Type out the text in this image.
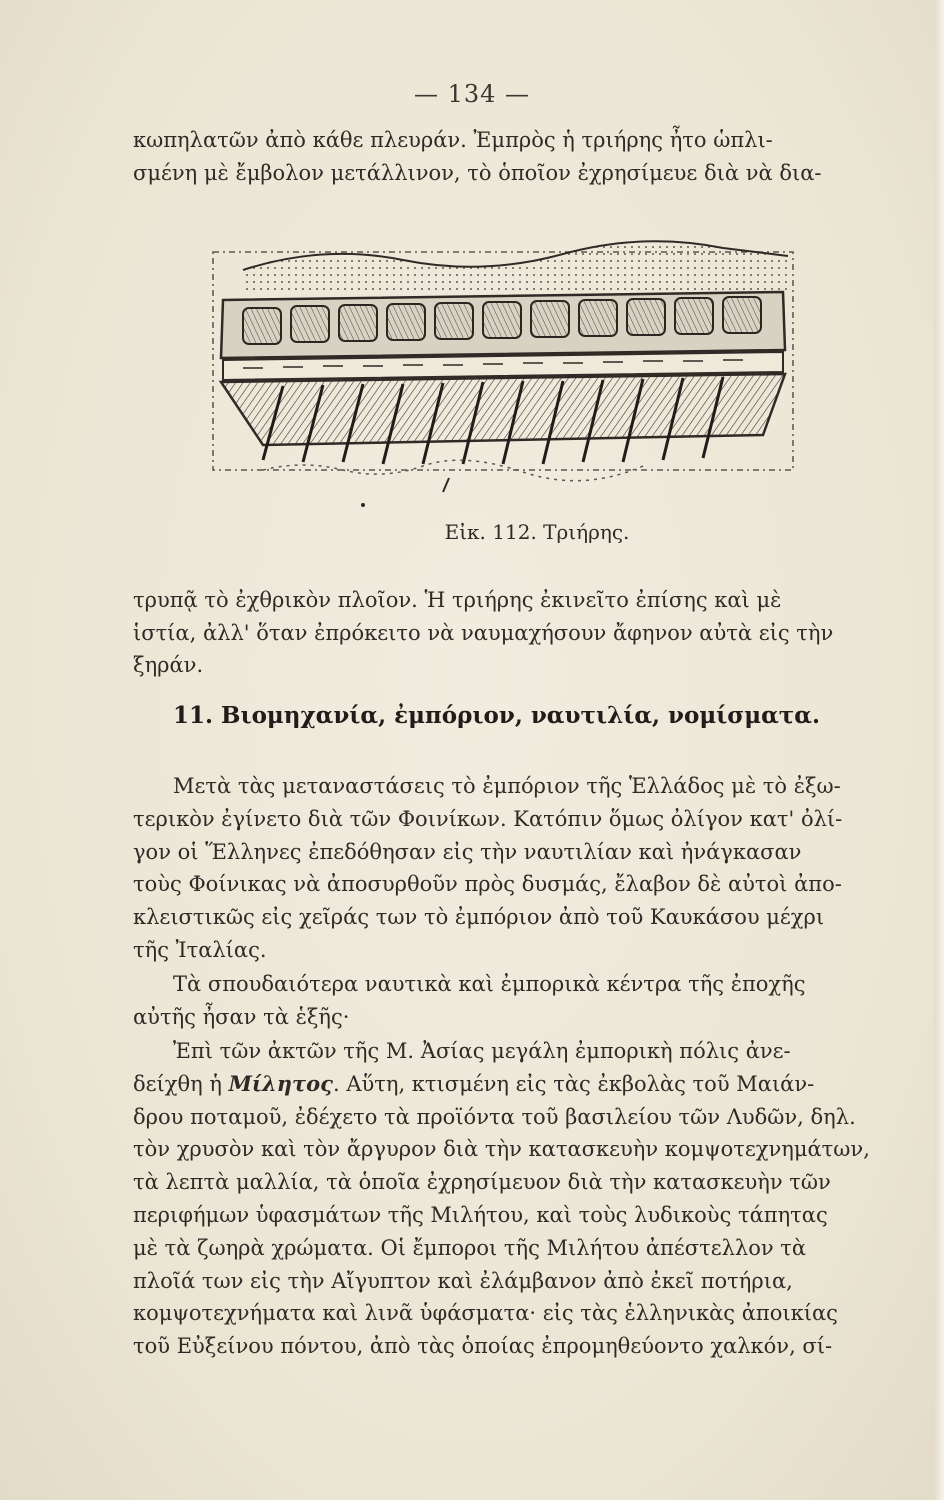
— 134 —
κωπηλατῶν ἀπὸ κάθε πλευράν. Ἐμπρὸς ἡ τριήρης ἦτο ὡπλι-
σμένη μὲ ἔμβολον μετάλλινον, τὸ ὁποῖον ἐχρησίμευε διὰ νὰ δια-
Εἰκ. 112. Τριήρης.
τρυπᾷ τὸ ἐχθρικὸν πλοῖον. Ἡ τριήρης ἐκινεῖτο ἐπίσης καὶ μὲ
ἱστία, ἀλλ' ὅταν ἐπρόκειτο νὰ ναυμαχήσουν ἄφηνον αὐτὰ εἰς τὴν
ξηράν.
11. Βιομηχανία, ἐμπόριον, ναυτιλία, νομίσματα.
Μετὰ τὰς μεταναστάσεις τὸ ἐμπόριον τῆς Ἑλλάδος μὲ τὸ ἐξω-
τερικὸν ἐγίνετο διὰ τῶν Φοινίκων. Κατόπιν ὅμως ὀλίγον κατ' ὀλί-
γον οἱ Ἕλληνες ἐπεδόθησαν εἰς τὴν ναυτιλίαν καὶ ἠνάγκασαν
τοὺς Φοίνικας νὰ ἀποσυρθοῦν πρὸς δυσμάς, ἔλαβον δὲ αὐτοὶ ἀπο-
κλειστικῶς εἰς χεῖράς των τὸ ἐμπόριον ἀπὸ τοῦ Καυκάσου μέχρι
τῆς Ἰταλίας.
Τὰ σπουδαιότερα ναυτικὰ καὶ ἐμπορικὰ κέντρα τῆς ἐποχῆς
αὐτῆς ἦσαν τὰ ἑξῆς·
Ἐπὶ τῶν ἀκτῶν τῆς Μ. Ἀσίας μεγάλη ἐμπορικὴ πόλις ἀνε-
δείχθη ἡ Μίλητος. Αὕτη, κτισμένη εἰς τὰς ἐκβολὰς τοῦ Μαιάν-
δρου ποταμοῦ, ἐδέχετο τὰ προϊόντα τοῦ βασιλείου τῶν Λυδῶν, δηλ.
τὸν χρυσὸν καὶ τὸν ἄργυρον διὰ τὴν κατασκευὴν κομψοτεχνημάτων,
τὰ λεπτὰ μαλλία, τὰ ὁποῖα ἐχρησίμευον διὰ τὴν κατασκευὴν τῶν
περιφήμων ὑφασμάτων τῆς Μιλήτου, καὶ τοὺς λυδικοὺς τάπητας
μὲ τὰ ζωηρὰ χρώματα. Οἱ ἔμποροι τῆς Μιλήτου ἀπέστελλον τὰ
πλοῖά των εἰς τὴν Αἴγυπτον καὶ ἐλάμβανον ἀπὸ ἐκεῖ ποτήρια,
κομψοτεχνήματα καὶ λινᾶ ὑφάσματα· εἰς τὰς ἑλληνικὰς ἀποικίας
τοῦ Εὐξείνου πόντου, ἀπὸ τὰς ὁποίας ἐπρομηθεύοντο χαλκόν, σί-
